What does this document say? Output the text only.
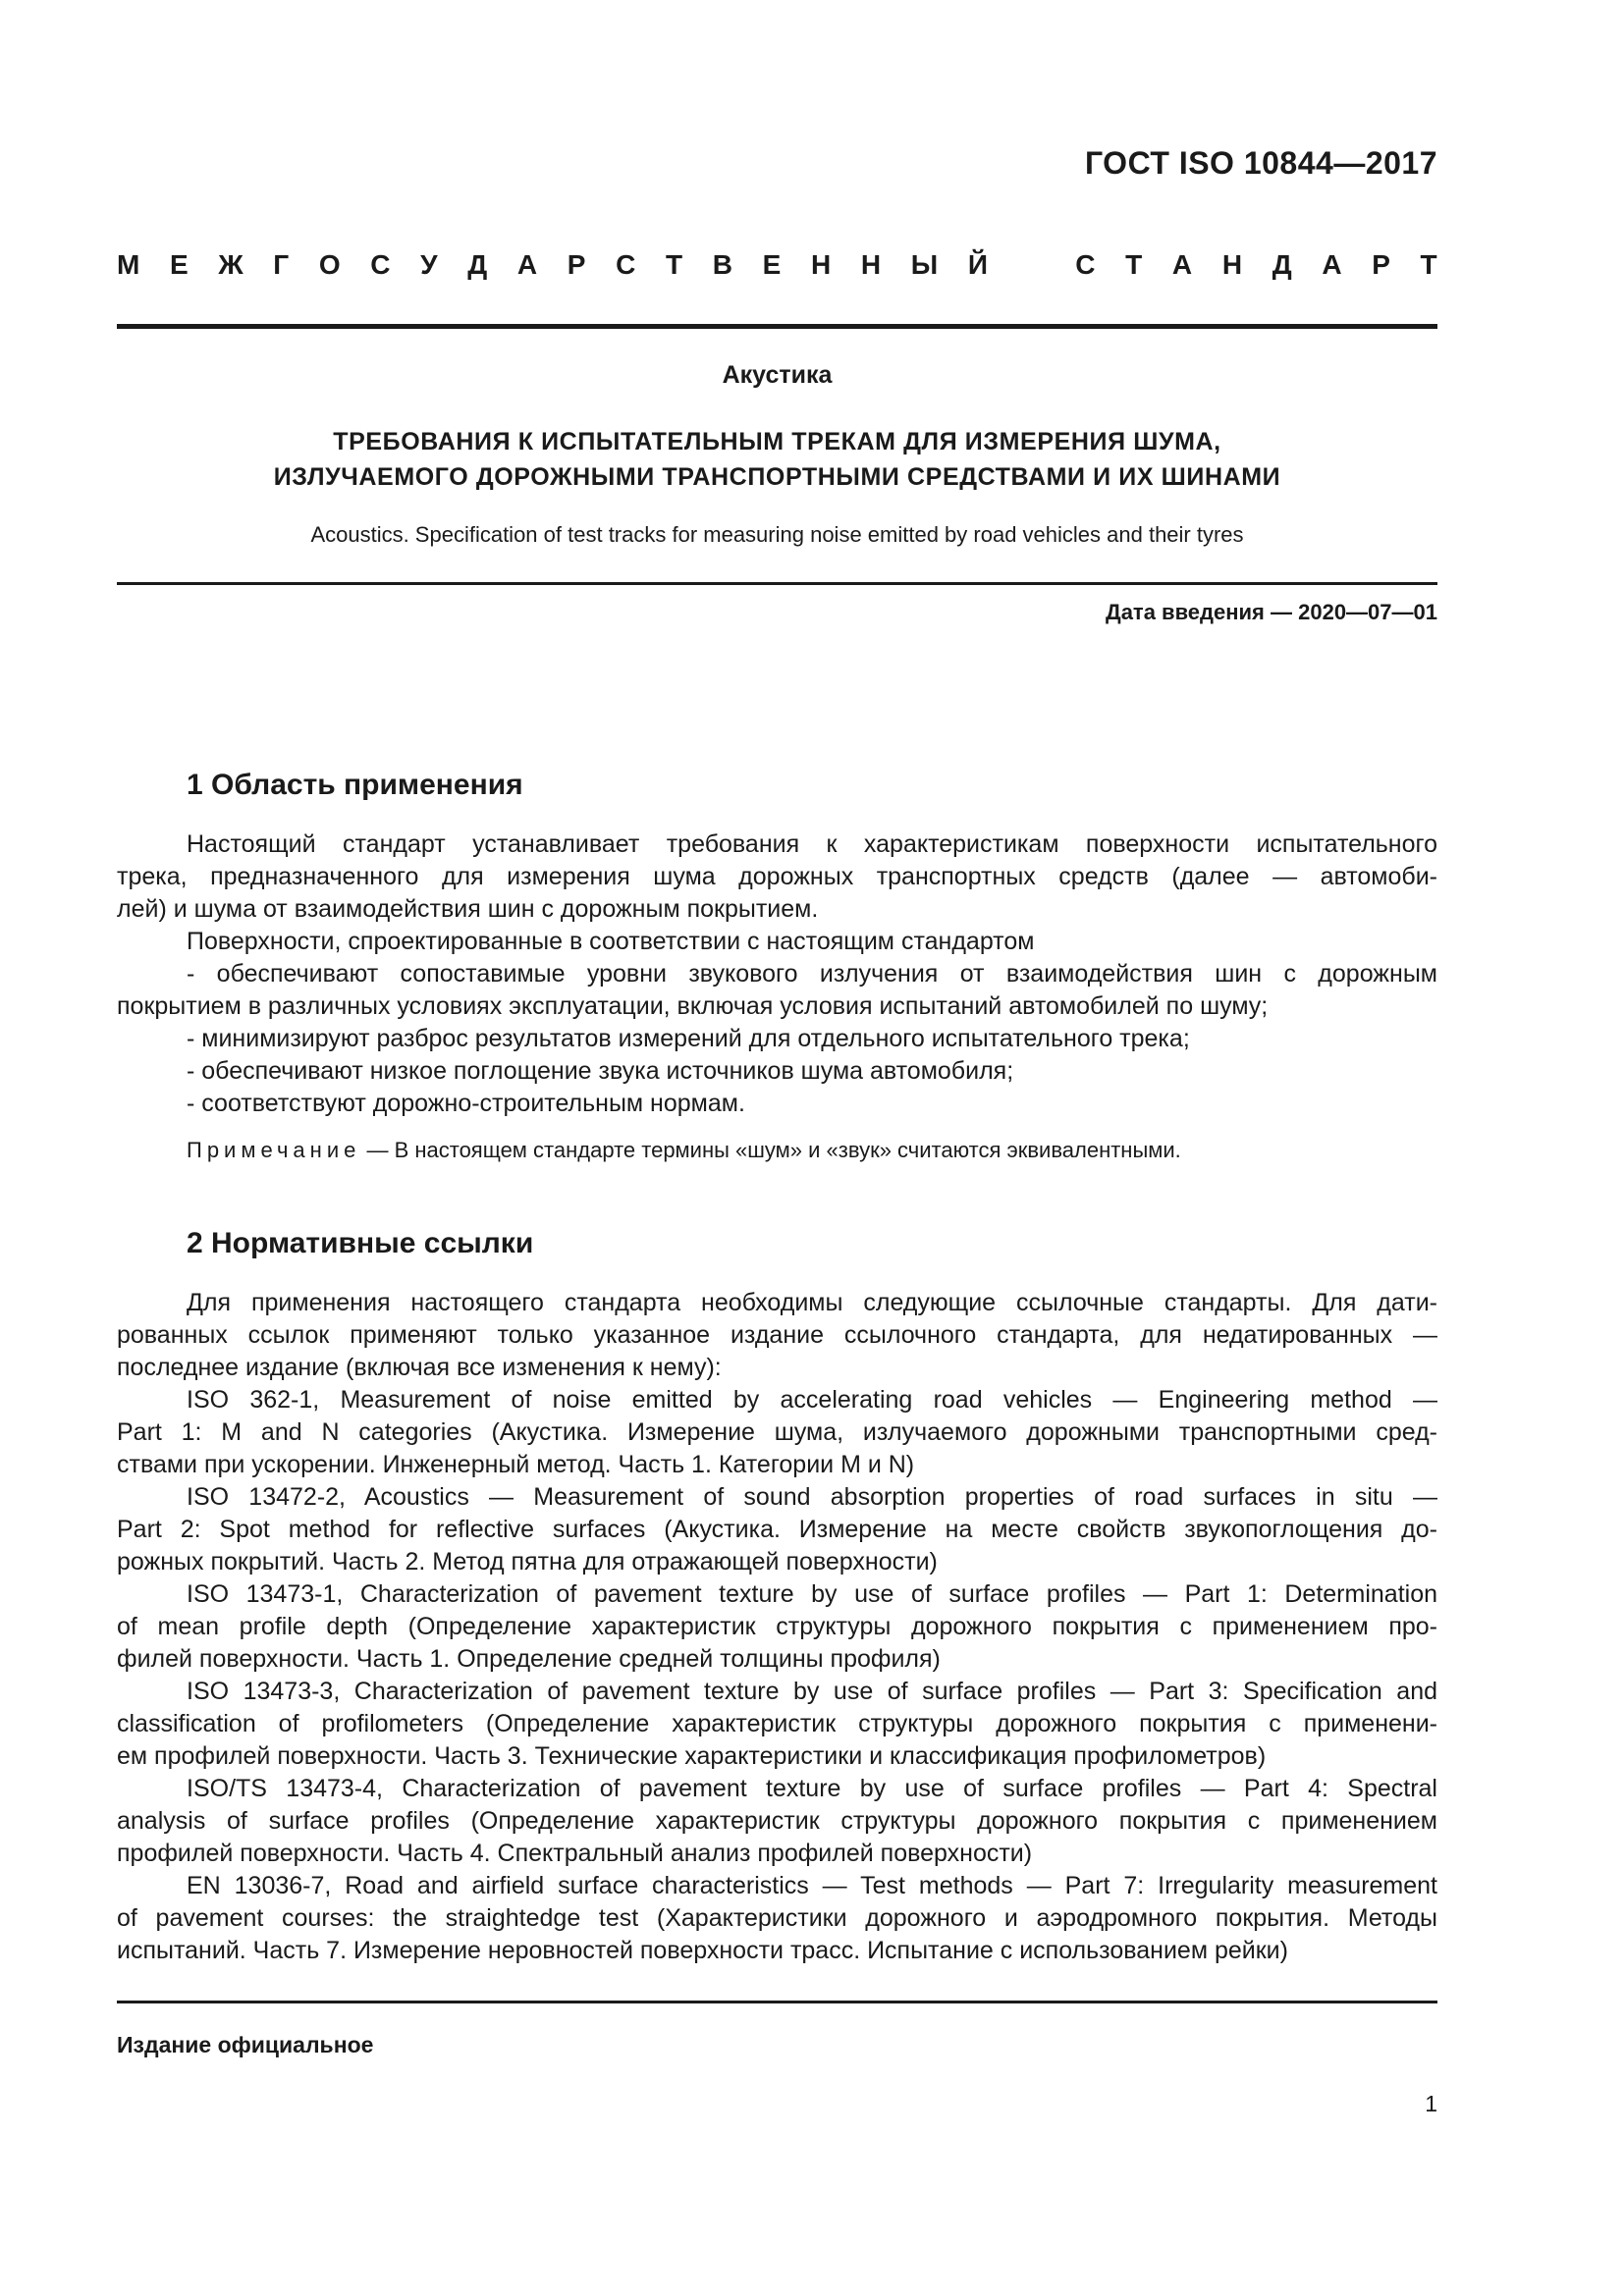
ГОСТ ISO 10844—2017
М Е Ж Г О С У Д А Р С Т В Е Н Н Ы Й	С Т А Н Д А Р Т
Акустика
ТРЕБОВАНИЯ К ИСПЫТАТЕЛЬНЫМ ТРЕКАМ ДЛЯ ИЗМЕРЕНИЯ ШУМА,
ИЗЛУЧАЕМОГО ДОРОЖНЫМИ ТРАНСПОРТНЫМИ СРЕДСТВАМИ И ИХ ШИНАМИ
Acoustics. Specification of test tracks for measuring noise emitted by road vehicles and their tyres
Дата введения — 2020—07—01
1 Область применения

Настоящий стандарт устанавливает требования к характеристикам поверхности испытательного

трека, предназначенного для измерения шума дорожных транспортных средств (далее — автомоби-

лей) и шума от взаимодействия шин с дорожным покрытием.

Поверхности, спроектированные в соответствии с настоящим стандартом

- обеспечивают сопоставимые уровни звукового излучения от взаимодействия шин с дорожным

покрытием в различных условиях эксплуатации, включая условия испытаний автомобилей по шуму;

- минимизируют разброс результатов измерений для отдельного испытательного трека;

- обеспечивают низкое поглощение звука источников шума автомобиля;

- соответствуют дорожно-строительным нормам.

Примечание — В настоящем стандарте термины «шум» и «звук» считаются эквивалентными.

2 Нормативные ссылки

Для применения настоящего стандарта необходимы следующие ссылочные стандарты. Для дати-

рованных ссылок применяют только указанное издание ссылочного стандарта, для недатированных —

последнее издание (включая все изменения к нему):

ISO 362-1, Measurement of noise emitted by accelerating road vehicles — Engineering method —

Part 1: M and N categories (Акустика. Измерение шума, излучаемого дорожными транспортными сред-

ствами при ускорении. Инженерный метод. Часть 1. Категории М и N)

ISO 13472-2, Acoustics — Measurement of sound absorption properties of road surfaces in situ —

Part 2: Spot method for reflective surfaces (Акустика. Измерение на месте свойств звукопоглощения до-

рожных покрытий. Часть 2. Метод пятна для отражающей поверхности)

ISO 13473-1, Characterization of pavement texture by use of surface profiles — Part 1: Determination

of mean profile depth (Определение характеристик структуры дорожного покрытия с применением про-

филей поверхности. Часть 1. Определение средней толщины профиля)

ISO 13473-3, Characterization of pavement texture by use of surface profiles — Part 3: Specification and

classification of profilometers (Определение характеристик структуры дорожного покрытия с применени-

ем профилей поверхности. Часть 3. Технические характеристики и классификация профилометров)

ISO/TS 13473-4, Characterization of pavement texture by use of surface profiles — Part 4: Spectral

analysis of surface profiles (Определение характеристик структуры дорожного покрытия с применением

профилей поверхности. Часть 4. Спектральный анализ профилей поверхности)

EN 13036-7, Road and airfield surface characteristics — Test methods — Part 7: Irregularity measurement

of pavement courses: the straightedge test (Характеристики дорожного и аэродромного покрытия. Методы

испытаний. Часть 7. Измерение неровностей поверхности трасс. Испытание с использованием рейки)

Издание официальное
1
